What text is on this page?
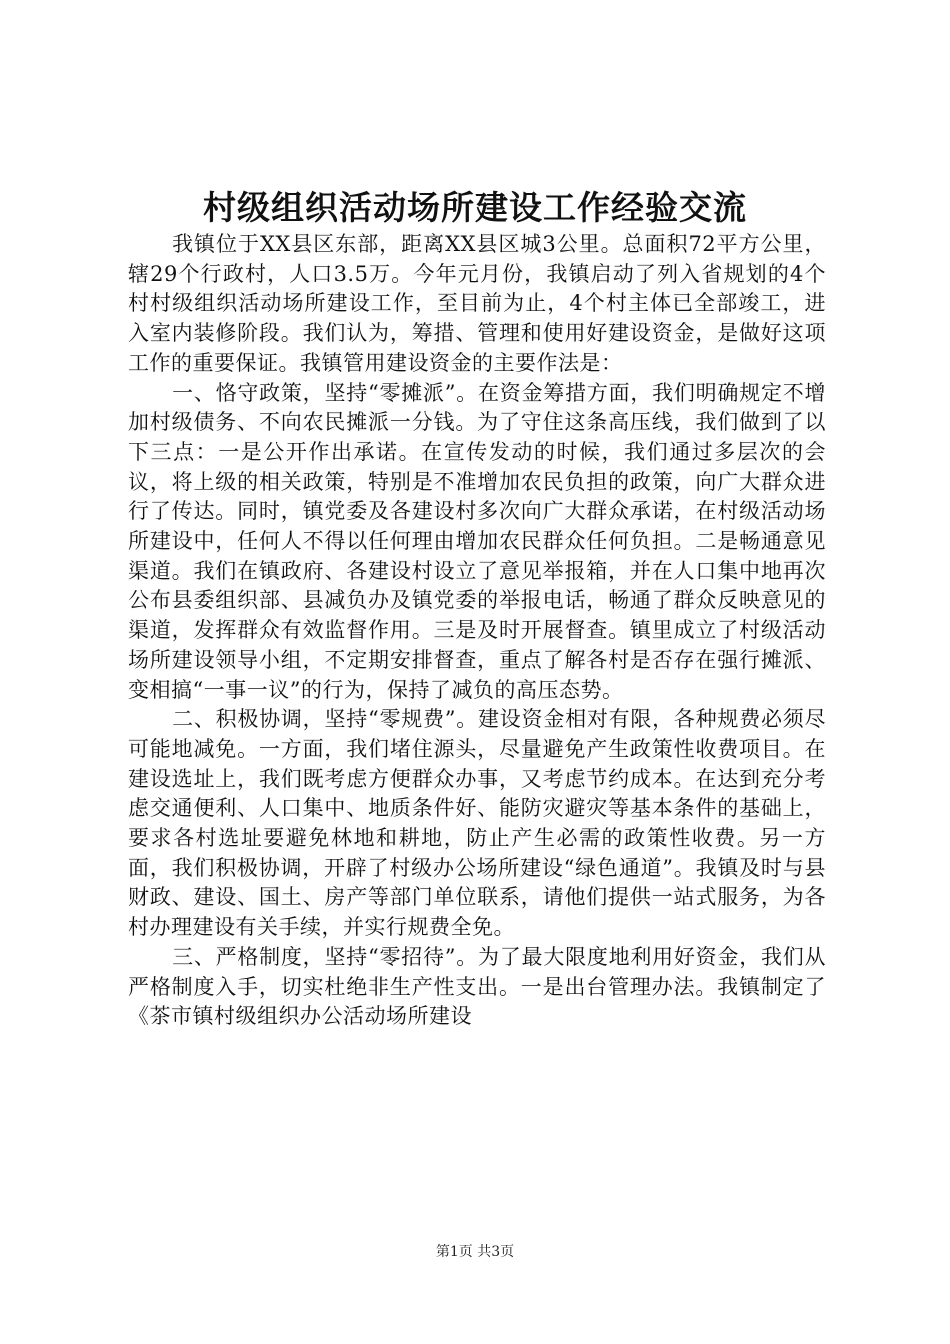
村级组织活动场所建设工作经验交流

我镇位于XX县区东部，距离XX县区城3公里。总面积72平方公里，辖29个行政村，人口3.5万。今年元月份，我镇启动了列入省规划的4个村村级组织活动场所建设工作，至目前为止，4个村主体已全部竣工，进入室内装修阶段。我们认为，筹措、管理和使用好建设资金，是做好这项工作的重要保证。我镇管用建设资金的主要作法是：

一、恪守政策，坚持“零摊派”。在资金筹措方面，我们明确规定不增加村级债务、不向农民摊派一分钱。为了守住这条高压线，我们做到了以下三点：一是公开作出承诺。在宣传发动的时候，我们通过多层次的会议，将上级的相关政策，特别是不准增加农民负担的政策，向广大群众进行了传达。同时，镇党委及各建设村多次向广大群众承诺，在村级活动场所建设中，任何人不得以任何理由增加农民群众任何负担。二是畅通意见渠道。我们在镇政府、各建设村设立了意见举报箱，并在人口集中地再次公布县委组织部、县减负办及镇党委的举报电话，畅通了群众反映意见的渠道，发挥群众有效监督作用。三是及时开展督查。镇里成立了村级活动场所建设领导小组，不定期安排督查，重点了解各村是否存在强行摊派、变相搞“一事一议”的行为，保持了减负的高压态势。

二、积极协调，坚持“零规费”。建设资金相对有限，各种规费必须尽可能地减免。一方面，我们堵住源头，尽量避免产生政策性收费项目。在建设选址上，我们既考虑方便群众办事，又考虑节约成本。在达到充分考虑交通便利、人口集中、地质条件好、能防灾避灾等基本条件的基础上，要求各村选址要避免林地和耕地，防止产生必需的政策性收费。另一方面，我们积极协调，开辟了村级办公场所建设“绿色通道”。我镇及时与县财政、建设、国土、房产等部门单位联系，请他们提供一站式服务，为各村办理建设有关手续，并实行规费全免。

三、严格制度，坚持“零招待”。为了最大限度地利用好资金，我们从严格制度入手，切实杜绝非生产性支出。一是出台管理办法。我镇制定了《茶市镇村级组织办公活动场所建设

第1页 共3页
